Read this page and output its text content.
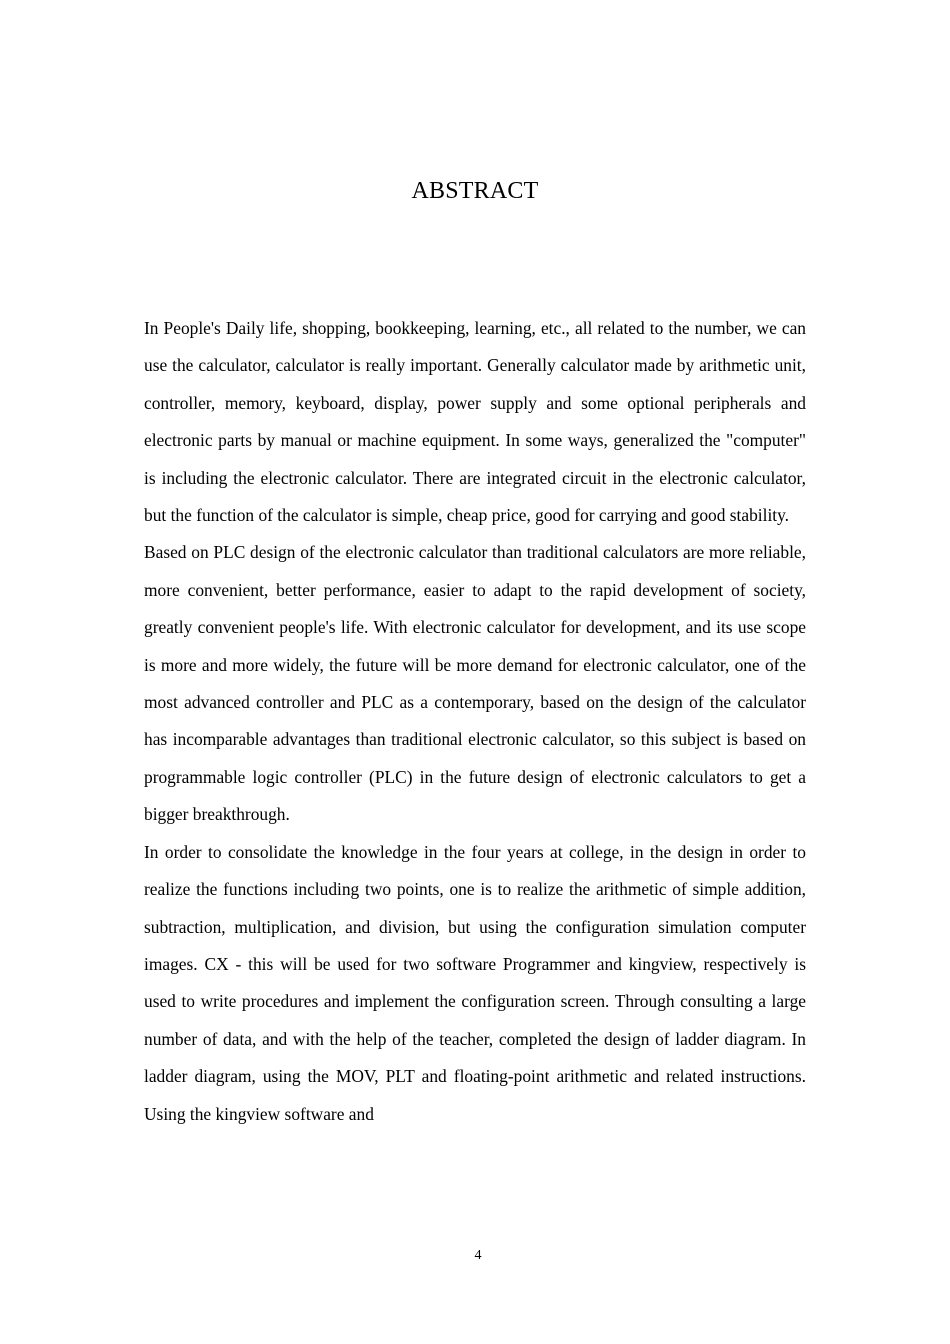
ABSTRACT

In People's Daily life, shopping, bookkeeping, learning, etc., all related to the number, we can use the calculator, calculator is really important. Generally calculator made by arithmetic unit, controller, memory, keyboard, display, power supply and some optional peripherals and electronic parts by manual or machine equipment. In some ways, generalized the "computer" is including the electronic calculator. There are integrated circuit in the electronic calculator, but the function of the calculator is simple, cheap price, good for carrying and good stability.

Based on PLC design of the electronic calculator than traditional calculators are more reliable, more convenient, better performance, easier to adapt to the rapid development of society, greatly convenient people's life. With electronic calculator for development, and its use scope is more and more widely, the future will be more demand for electronic calculator, one of the most advanced controller and PLC as a contemporary, based on the design of the calculator has incomparable advantages than traditional electronic calculator, so this subject is based on programmable logic controller (PLC) in the future design of electronic calculators to get a bigger breakthrough.

In order to consolidate the knowledge in the four years at college, in the design in order to realize the functions including two points, one is to realize the arithmetic of simple addition, subtraction, multiplication, and division, but using the configuration simulation computer images. CX - this will be used for two software Programmer and kingview, respectively is used to write procedures and implement the configuration screen. Through consulting a large number of data, and with the help of the teacher, completed the design of ladder diagram. In ladder diagram, using the MOV, PLT and floating-point arithmetic and related instructions. Using the kingview software and

4
